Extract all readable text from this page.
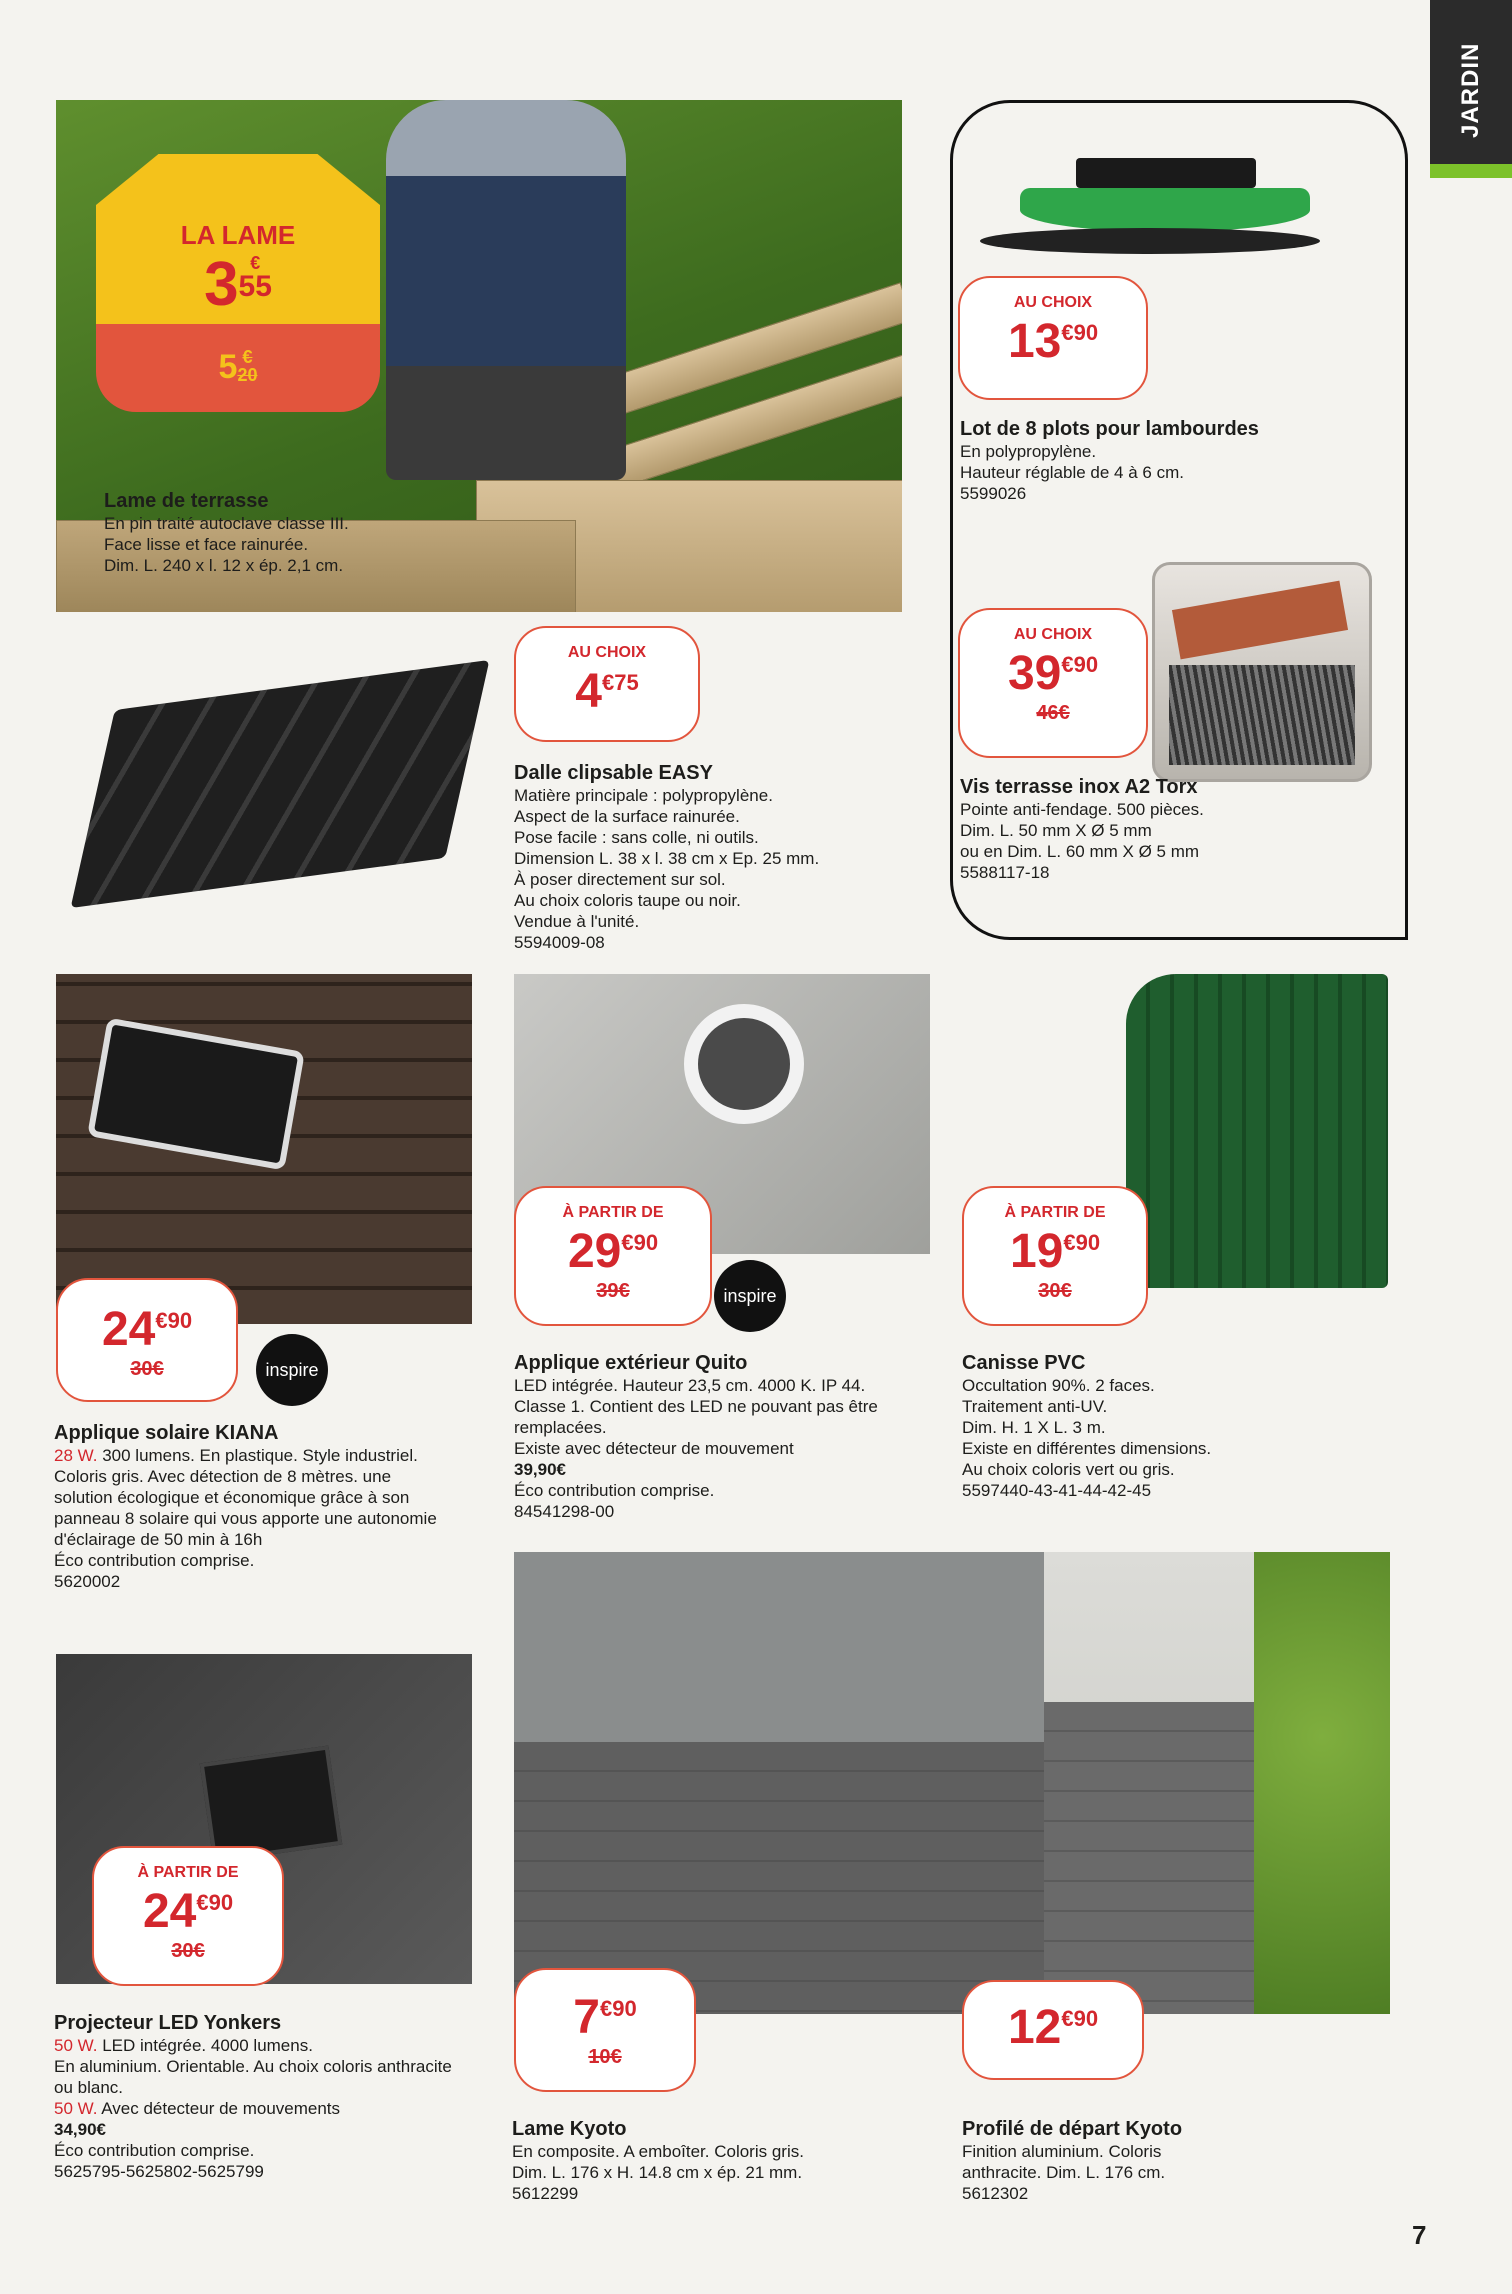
JARDIN
LA LAME
3 €
55
5 €
20
Lame de terrasse
En pin traité autoclave classe III.
Face lisse et face rainurée.
Dim. L. 240 x l. 12 x ép. 2,1 cm.
AU CHOIX
$13^{€90}$
Lot de 8 plots pour lambourdes
En polypropylène.
Hauteur réglable de 4 à 6 cm.
5599026
AU CHOIX
$39^{€90}$
46€
Vis terrasse inox A2 Torx
Pointe anti-fendage. 500 pièces.
Dim. L. 50 mm X Ø 5 mm
ou en Dim. L. 60 mm X Ø 5 mm
5588117-18
AU CHOIX
$4^{€75}$
Dalle clipsable EASY
Matière principale : polypropylène.
Aspect de la surface rainurée.
Pose facile : sans colle, ni outils.
Dimension L. 38 x l. 38 cm x Ep. 25 mm.
À poser directement sur sol.
Au choix coloris taupe ou noir.
Vendue à l'unité.
5594009-08
$24^{€90}$
30€	inspire
Applique solaire KIANA
28 W. 300 lumens. En plastique. Style industriel. Coloris gris. Avec détection de 8 mètres. une solution écologique et économique grâce à son panneau 8 solaire qui vous apporte une autonomie d'éclairage de 50 min à 16h
Éco contribution comprise.
5620002
À PARTIR DE
$29^{€90}$
39€	inspire
Applique extérieur Quito
LED intégrée. Hauteur 23,5 cm. 4000 K. IP 44. Classe 1. Contient des LED ne pouvant pas être remplacées.
Existe avec détecteur de mouvement
39,90€
Éco contribution comprise.
84541298-00
À PARTIR DE
$19^{€90}$
30€
Canisse PVC
Occultation 90%. 2 faces.
Traitement anti-UV.
Dim. H. 1 X L. 3 m.
Existe en différentes dimensions.
Au choix coloris vert ou gris.
5597440-43-41-44-42-45
À PARTIR DE
$24^{€90}$
30€
Projecteur LED Yonkers
50 W. LED intégrée. 4000 lumens.
En aluminium. Orientable. Au choix coloris anthracite ou blanc.
50 W. Avec détecteur de mouvements
34,90€
Éco contribution comprise.
5625795-5625802-5625799
$7^{€90}$
10€
Lame Kyoto
En composite. A emboîter. Coloris gris.
Dim. L. 176 x H. 14.8 cm x ép. 21 mm.
5612299
$12^{€90}$
Profilé de départ Kyoto
Finition aluminium. Coloris
anthracite. Dim. L. 176 cm.
5612302
7
